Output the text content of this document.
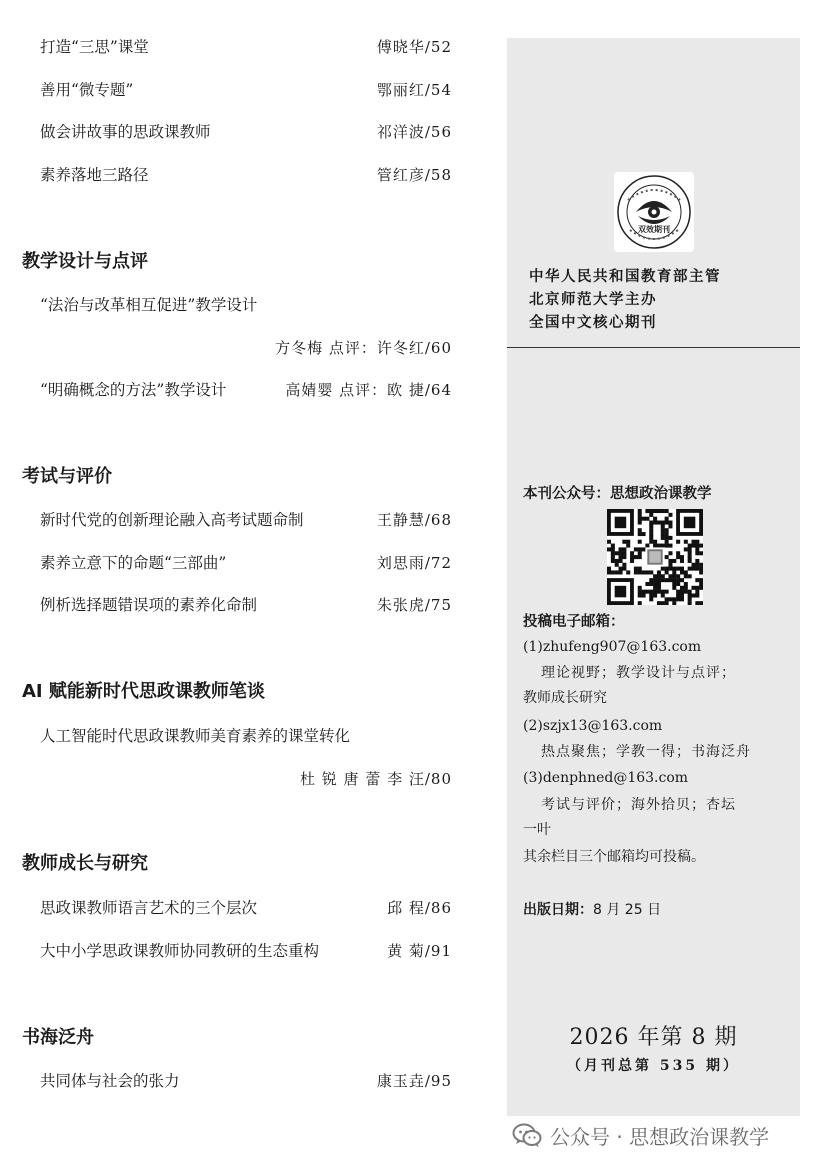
打造“三思”课堂	傅晓华/52
善用“微专题”	鄂丽红/54
做会讲故事的思政课教师	祁洋波/56
素养落地三路径	管红彦/58
教学设计与点评
“法治与改革相互促进”教学设计
方冬梅 点评：许冬红/60
“明确概念的方法”教学设计	高婧婴 点评：欧 捷/64
考试与评价
新时代党的创新理论融入高考试题命制	王静慧/68
素养立意下的命题“三部曲”	刘思雨/72
例析选择题错误项的素养化命制	朱张虎/75
AI 赋能新时代思政课教师笔谈
人工智能时代思政课教师美育素养的课堂转化
杜 锐 唐 蕾 李 汪/80
教师成长与研究
思政课教师语言艺术的三个层次	邱 程/86
大中小学思政课教师协同教研的生态重构	黄 菊/91
书海泛舟
共同体与社会的张力	康玉垚/95
双效期刊
中华人民共和国教育部主管
北京师范大学主办
全国中文核心期刊
本刊公众号：思想政治课教学
投稿电子邮箱：
(1)zhufeng907@163.com
理论视野；教学设计与点评；
教师成长研究
(2)szjx13@163.com
热点聚焦；学教一得；书海泛舟
(3)denphned@163.com
考试与评价；海外拾贝；杏坛
一叶
其余栏目三个邮箱均可投稿。
出版日期：8 月 25 日
2026 年第 8 期
（月刊总第 535 期）
公众号 · 思想政治课教学
